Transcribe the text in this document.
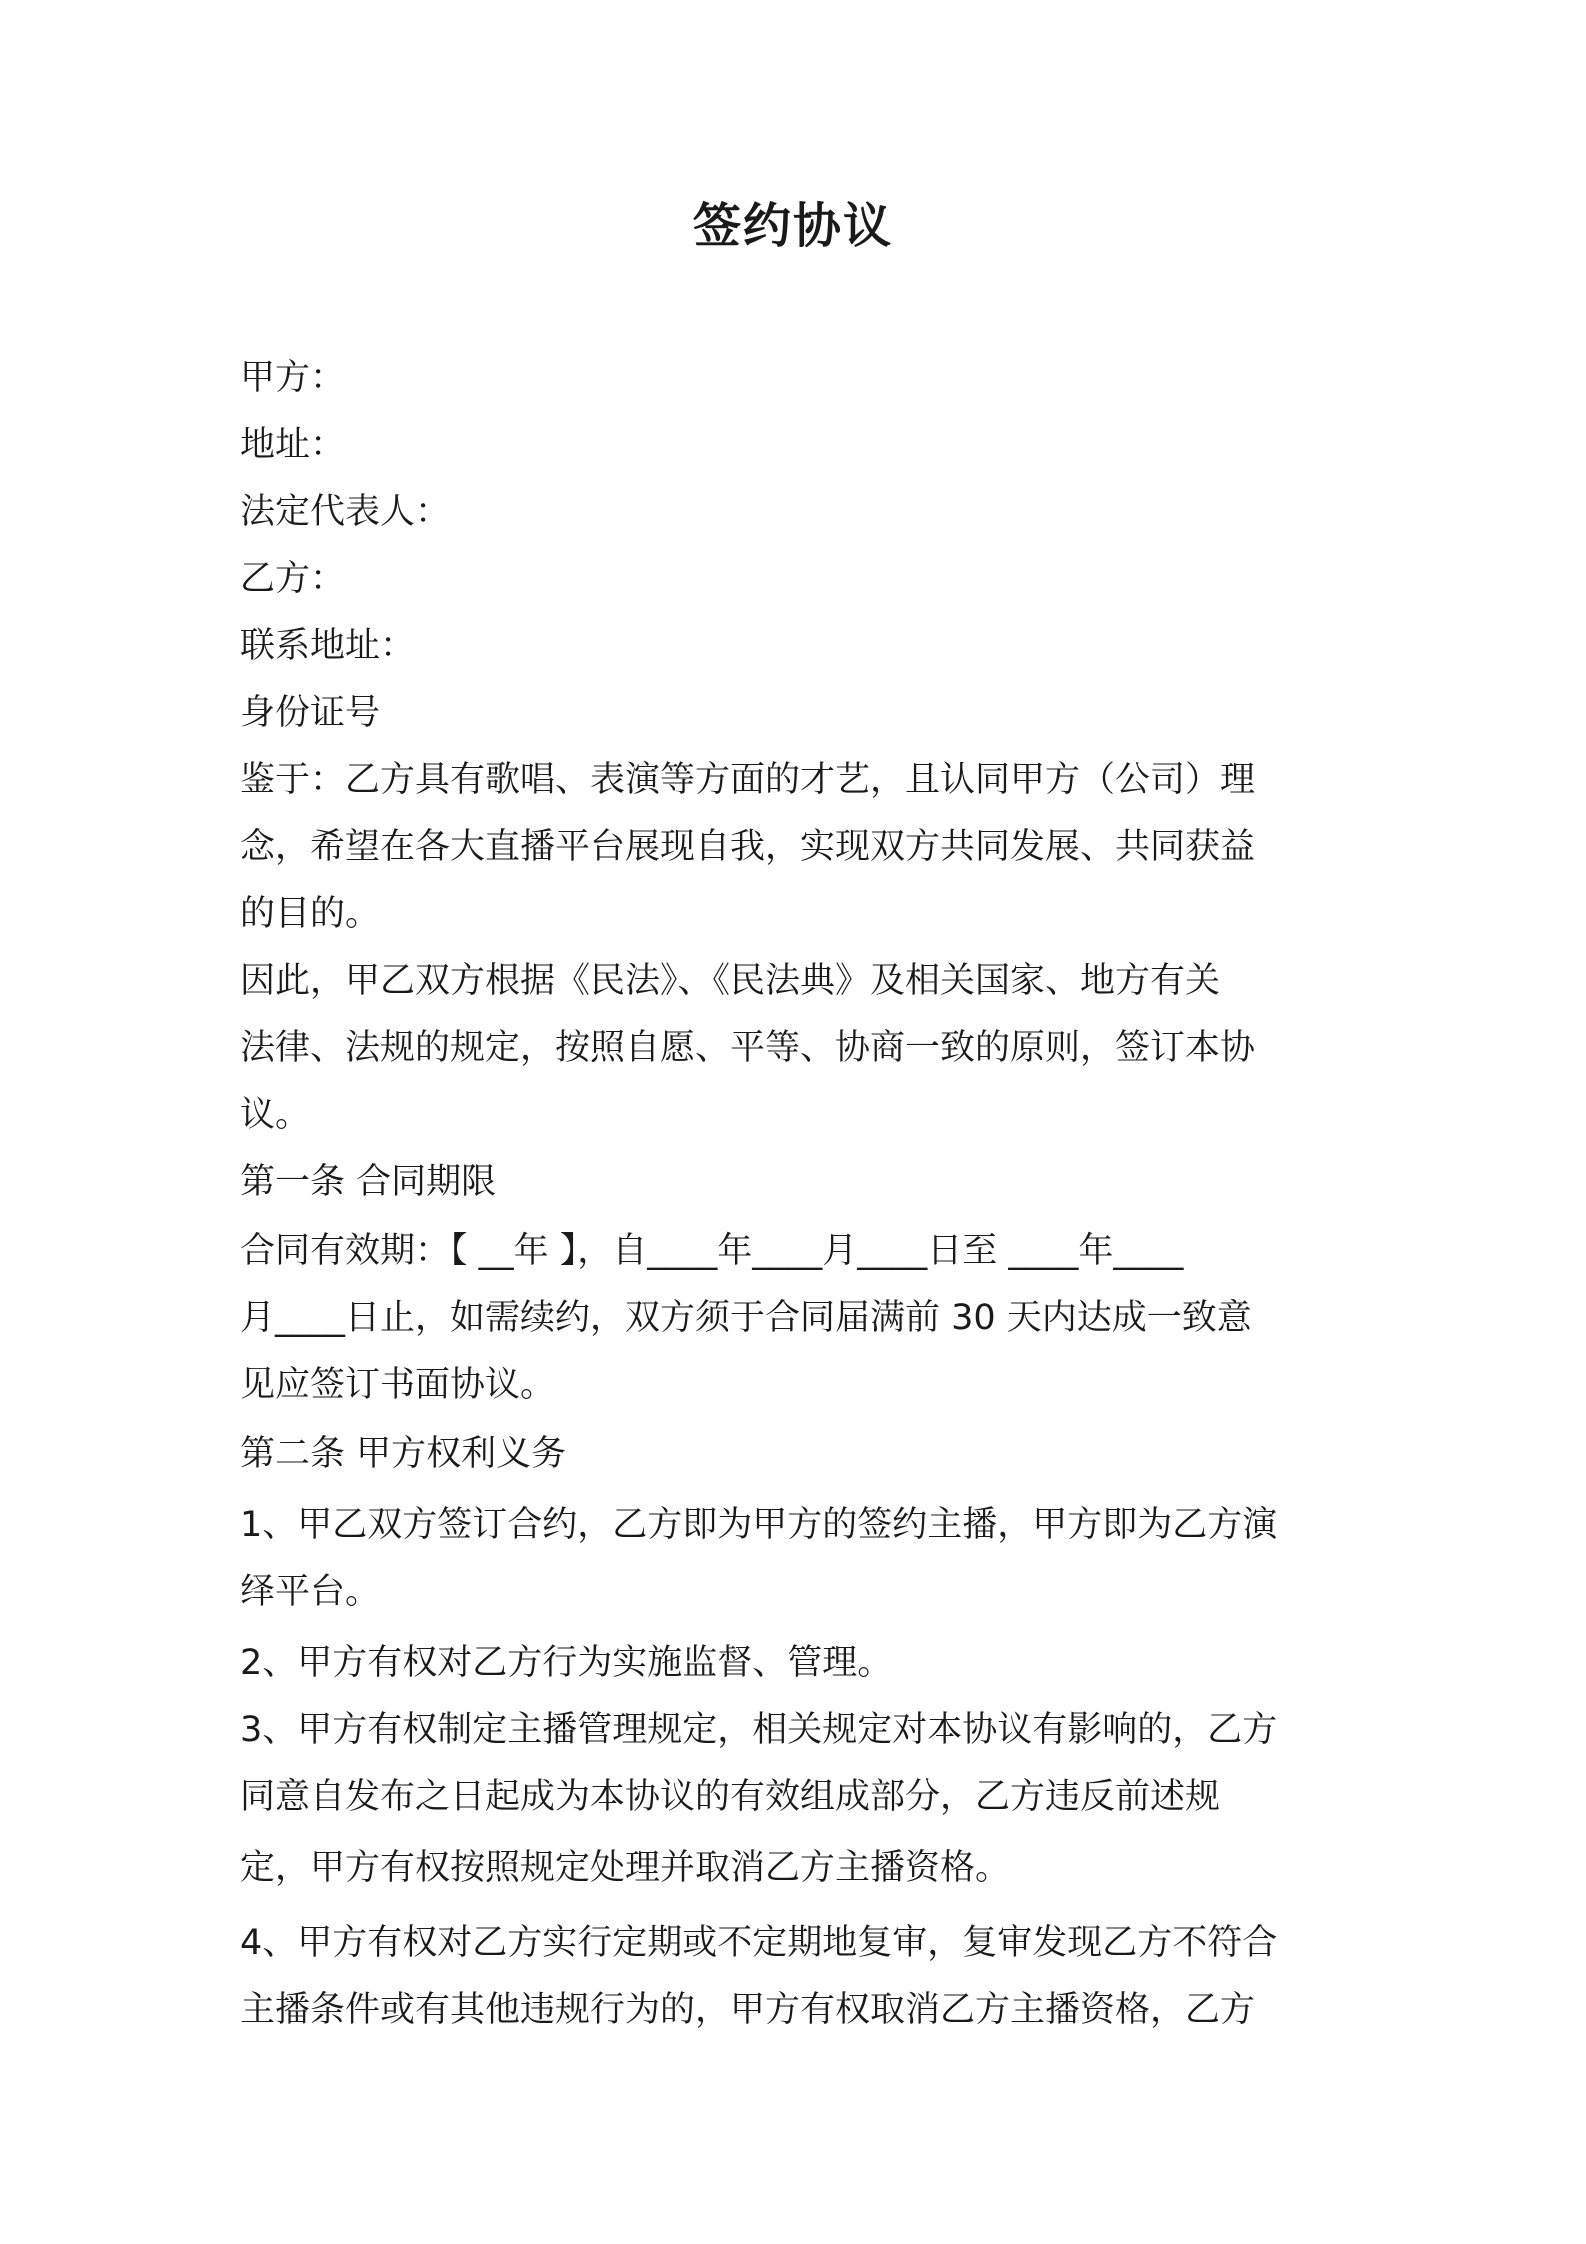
签约协议
甲方：
地址：
法定代表人：
乙方：
联系地址：
身份证号
鉴于：乙方具有歌唱、表演等方面的才艺，且认同甲方（公司）理
念，希望在各大直播平台展现自我，实现双方共同发展、共同获益
的目的。
因此，甲乙双方根据《民法》、《民法典》及相关国家、地方有关
法律、法规的规定，按照自愿、平等、协商一致的原则，签订本协
议。
第一条 合同期限
合同有效期：【 __年 】，自____年____月____日至 ____年____
月____日止，如需续约，双方须于合同届满前 30 天内达成一致意
见应签订书面协议。
第二条 甲方权利义务
1、甲乙双方签订合约，乙方即为甲方的签约主播，甲方即为乙方演
绎平台。
2、甲方有权对乙方行为实施监督、管理。
3、甲方有权制定主播管理规定，相关规定对本协议有影响的，乙方
同意自发布之日起成为本协议的有效组成部分，乙方违反前述规
定，甲方有权按照规定处理并取消乙方主播资格。
4、甲方有权对乙方实行定期或不定期地复审，复审发现乙方不符合
主播条件或有其他违规行为的，甲方有权取消乙方主播资格，乙方
